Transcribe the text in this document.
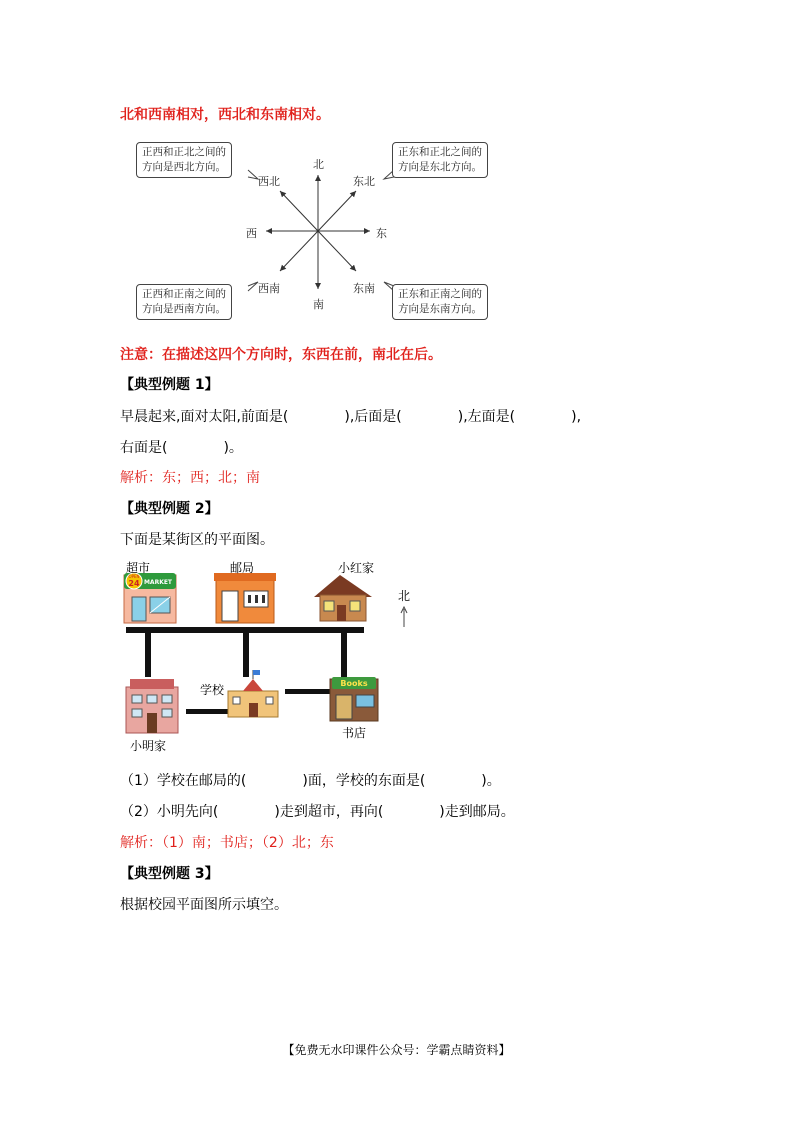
北和西南相对，西北和东南相对。
正西和正北之间的
方向是西北方向。
正东和正北之间的
方向是东北方向。
正西和正南之间的
方向是西南方向。
正东和正南之间的
方向是东南方向。
北
南
西	东
西北	东北
西南	东南
注意：在描述这四个方向时，东西在前，南北在后。
【典型例题 1】
早晨起来,面对太阳,前面是(　　　　),后面是(　　　　),左面是(　　　　),
右面是(　　　　)。
解析：东；西；北；南
【典型例题 2】
下面是某街区的平面图。
OPEN
24 MARKET
Books
超市	邮局	小红家
北
学校
小明家
书店
（1）学校在邮局的(　　　　)面，学校的东面是(　　　　)。
（2）小明先向(　　　　)走到超市，再向(　　　　)走到邮局。
解析：（1）南；书店；（2）北；东
【典型例题 3】
根据校园平面图所示填空。
【免费无水印课件公众号：学霸点睛资料】
